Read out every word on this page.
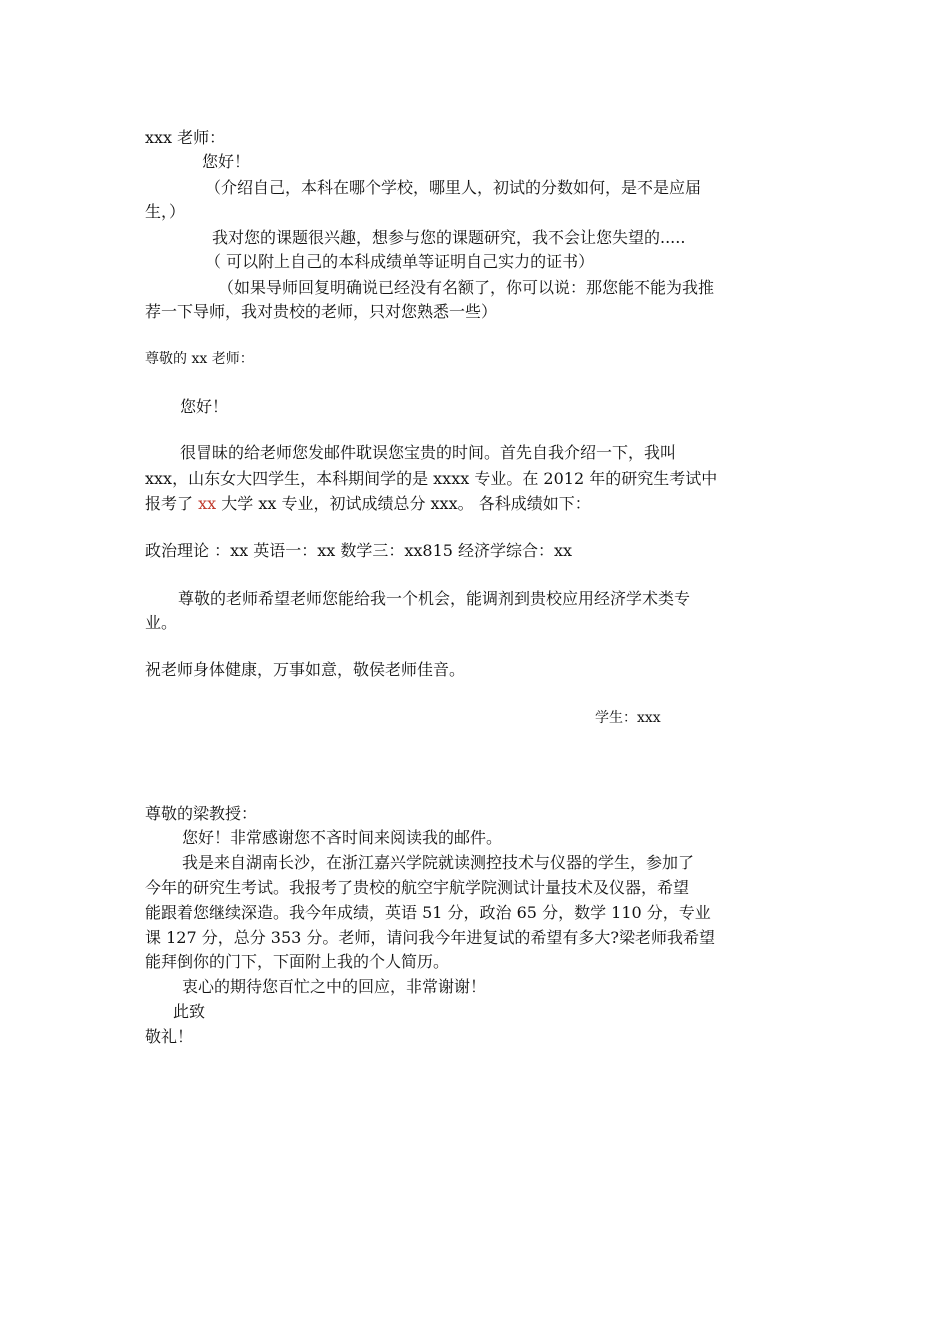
xxx 老师：
您好！
（介绍自己，本科在哪个学校，哪里人，初试的分数如何，是不是应届
生，）
我对您的课题很兴趣，想参与您的课题研究，我不会让您失望的.....
（ 可以附上自己的本科成绩单等证明自己实力的证书）
（如果导师回复明确说已经没有名额了，你可以说：那您能不能为我推
荐一下导师，我对贵校的老师，只对您熟悉一些）
尊敬的 xx 老师：
您好！
很冒昧的给老师您发邮件耽误您宝贵的时间。首先自我介绍一下，我叫
xxx，山东女大四学生，本科期间学的是 xxxx 专业。在 2012 年的研究生考试中
报考了 xx 大学 xx 专业，初试成绩总分 xxx。 各科成绩如下：
政治理论 ：xx 英语一：xx 数学三：xx815 经济学综合：xx
尊敬的老师希望老师您能给我一个机会，能调剂到贵校应用经济学术类专
业。
祝老师身体健康，万事如意，敬侯老师佳音。
学生：xxx
尊敬的梁教授：
您好！非常感谢您不吝时间来阅读我的邮件。
我是来自湖南长沙，在浙江嘉兴学院就读测控技术与仪器的学生，参加了
今年的研究生考试。我报考了贵校的航空宇航学院测试计量技术及仪器，希望
能跟着您继续深造。我今年成绩，英语 51 分，政治 65 分，数学 110 分，专业
课 127 分，总分 353 分。老师，请问我今年进复试的希望有多大?梁老师我希望
能拜倒你的门下，下面附上我的个人简历。
衷心的期待您百忙之中的回应，非常谢谢！
此致
敬礼！
